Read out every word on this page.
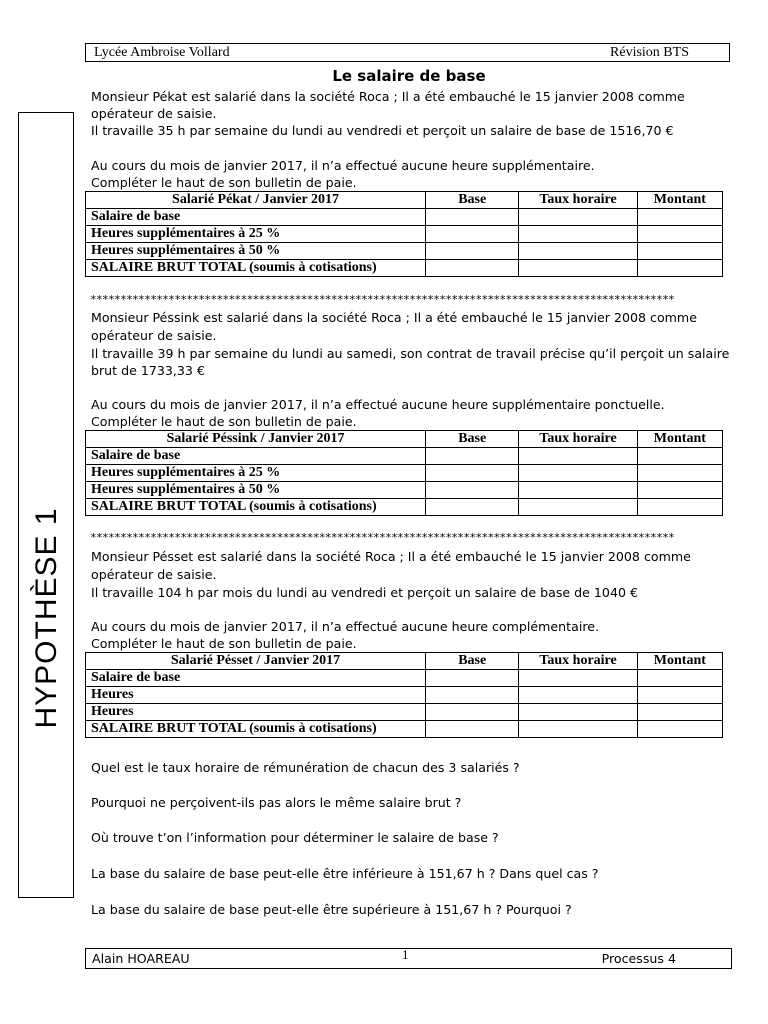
Lycée Ambroise Vollard	Révision BTS
HYPOTHÈSE 1
Le salaire de base
Monsieur Pékat est salarié dans la société Roca ; Il a été embauché le 15 janvier 2008 comme
opérateur de saisie.
Il travaille 35 h par semaine du lundi au vendredi et perçoit un salaire de base de 1516,70 €
Au cours du mois de janvier 2017, il n’a effectué aucune heure supplémentaire.
Compléter le haut de son bulletin de paie.
Salarié Pékat / Janvier 2017	Base	Taux horaire	Montant
Salaire de base			
Heures supplémentaires à 25 %			
Heures supplémentaires à 50 %			
SALAIRE BRUT TOTAL (soumis à cotisations)			
*************************************************************************************************
Monsieur Péssink est salarié dans la société Roca ; Il a été embauché le 15 janvier 2008 comme
opérateur de saisie.
Il travaille 39 h par semaine du lundi au samedi, son contrat de travail précise qu’il perçoit un salaire
brut de 1733,33 €
Au cours du mois de janvier 2017, il n’a effectué aucune heure supplémentaire ponctuelle.
Compléter le haut de son bulletin de paie.
Salarié Péssink / Janvier 2017	Base	Taux horaire	Montant
Salaire de base			
Heures supplémentaires à 25 %			
Heures supplémentaires à 50 %			
SALAIRE BRUT TOTAL (soumis à cotisations)			
*************************************************************************************************
Monsieur Pésset est salarié dans la société Roca ; Il a été embauché le 15 janvier 2008 comme
opérateur de saisie.
Il travaille 104 h par mois du lundi au vendredi et perçoit un salaire de base de 1040 €
Au cours du mois de janvier 2017, il n’a effectué aucune heure complémentaire.
Compléter le haut de son bulletin de paie.
Salarié Pésset / Janvier 2017	Base	Taux horaire	Montant
Salaire de base			
Heures			
Heures			
SALAIRE BRUT TOTAL (soumis à cotisations)			
Quel est le taux horaire de rémunération de chacun des 3 salariés ?
Pourquoi ne perçoivent-ils pas alors le même salaire brut ?
Où trouve t’on l’information pour déterminer le salaire de base ?
La base du salaire de base peut-elle être inférieure à 151,67 h ? Dans quel cas ?
La base du salaire de base peut-elle être supérieure à 151,67 h ? Pourquoi ?
Alain HOAREAU	1	Processus 4
